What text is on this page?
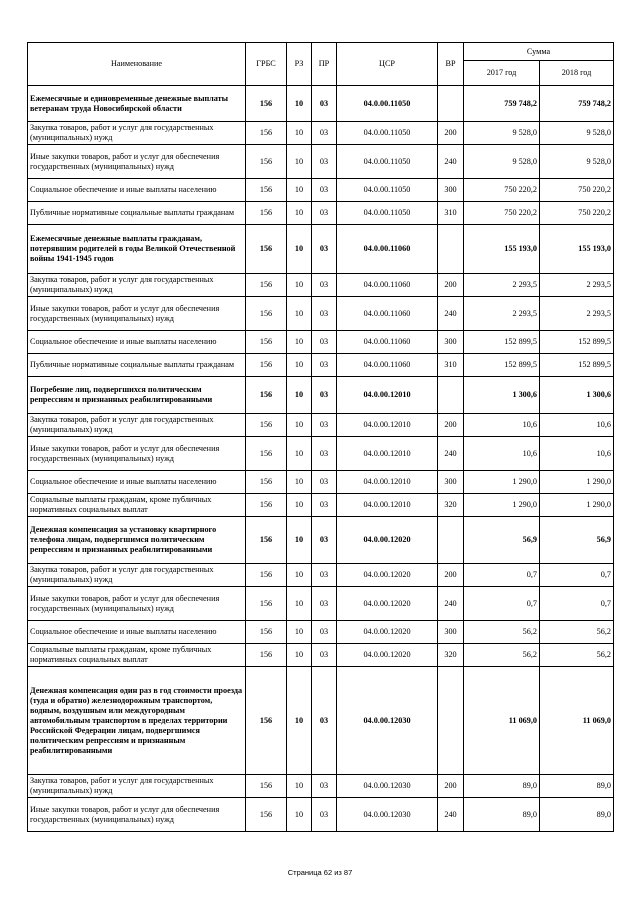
Наименование	ГРБС	РЗ	ПР	ЦСР	ВР	Сумма	
						2017 год	2018 год
Ежемесячные и единовременные денежные выплаты ветеранам труда Новосибирской области	156	10	03	04.0.00.11050		759 748,2	759 748,2
Закупка товаров, работ и услуг для государственных (муниципальных) нужд	156	10	03	04.0.00.11050	200	9 528,0	9 528,0
Иные закупки товаров, работ и услуг для обеспечения государственных (муниципальных) нужд	156	10	03	04.0.00.11050	240	9 528,0	9 528,0
Социальное обеспечение и иные выплаты населению	156	10	03	04.0.00.11050	300	750 220,2	750 220,2
Публичные нормативные социальные выплаты гражданам	156	10	03	04.0.00.11050	310	750 220,2	750 220,2
Ежемесячные денежные выплаты гражданам, потерявшим родителей в годы Великой Отечественной войны 1941-1945 годов	156	10	03	04.0.00.11060		155 193,0	155 193,0
Закупка товаров, работ и услуг для государственных (муниципальных) нужд	156	10	03	04.0.00.11060	200	2 293,5	2 293,5
Иные закупки товаров, работ и услуг для обеспечения государственных (муниципальных) нужд	156	10	03	04.0.00.11060	240	2 293,5	2 293,5
Социальное обеспечение и иные выплаты населению	156	10	03	04.0.00.11060	300	152 899,5	152 899,5
Публичные нормативные социальные выплаты гражданам	156	10	03	04.0.00.11060	310	152 899,5	152 899,5
Погребение лиц, подвергшихся политическим репрессиям и признанных реабилитированными	156	10	03	04.0.00.12010		1 300,6	1 300,6
Закупка товаров, работ и услуг для государственных (муниципальных) нужд	156	10	03	04.0.00.12010	200	10,6	10,6
Иные закупки товаров, работ и услуг для обеспечения государственных (муниципальных) нужд	156	10	03	04.0.00.12010	240	10,6	10,6
Социальное обеспечение и иные выплаты населению	156	10	03	04.0.00.12010	300	1 290,0	1 290,0
Социальные выплаты гражданам, кроме публичных нормативных социальных выплат	156	10	03	04.0.00.12010	320	1 290,0	1 290,0
Денежная компенсация за установку квартирного телефона лицам, подвергшимся политическим репрессиям и признанных реабилитированными	156	10	03	04.0.00.12020		56,9	56,9
Закупка товаров, работ и услуг для государственных (муниципальных) нужд	156	10	03	04.0.00.12020	200	0,7	0,7
Иные закупки товаров, работ и услуг для обеспечения государственных (муниципальных) нужд	156	10	03	04.0.00.12020	240	0,7	0,7
Социальное обеспечение и иные выплаты населению	156	10	03	04.0.00.12020	300	56,2	56,2
Социальные выплаты гражданам, кроме публичных нормативных социальных выплат	156	10	03	04.0.00.12020	320	56,2	56,2
Денежная компенсация один раз в год стоимости проезда (туда и обратно) железнодорожным транспортом, водным, воздушным или междугородным автомобильным транспортом в пределах территории Российской Федерации лицам, подвергшимся политическим репрессиям и признанным реабилитированными	156	10	03	04.0.00.12030		11 069,0	11 069,0
Закупка товаров, работ и услуг для государственных (муниципальных) нужд	156	10	03	04.0.00.12030	200	89,0	89,0
Иные закупки товаров, работ и услуг для обеспечения государственных (муниципальных) нужд	156	10	03	04.0.00.12030	240	89,0	89,0
Страница 62 из 87
